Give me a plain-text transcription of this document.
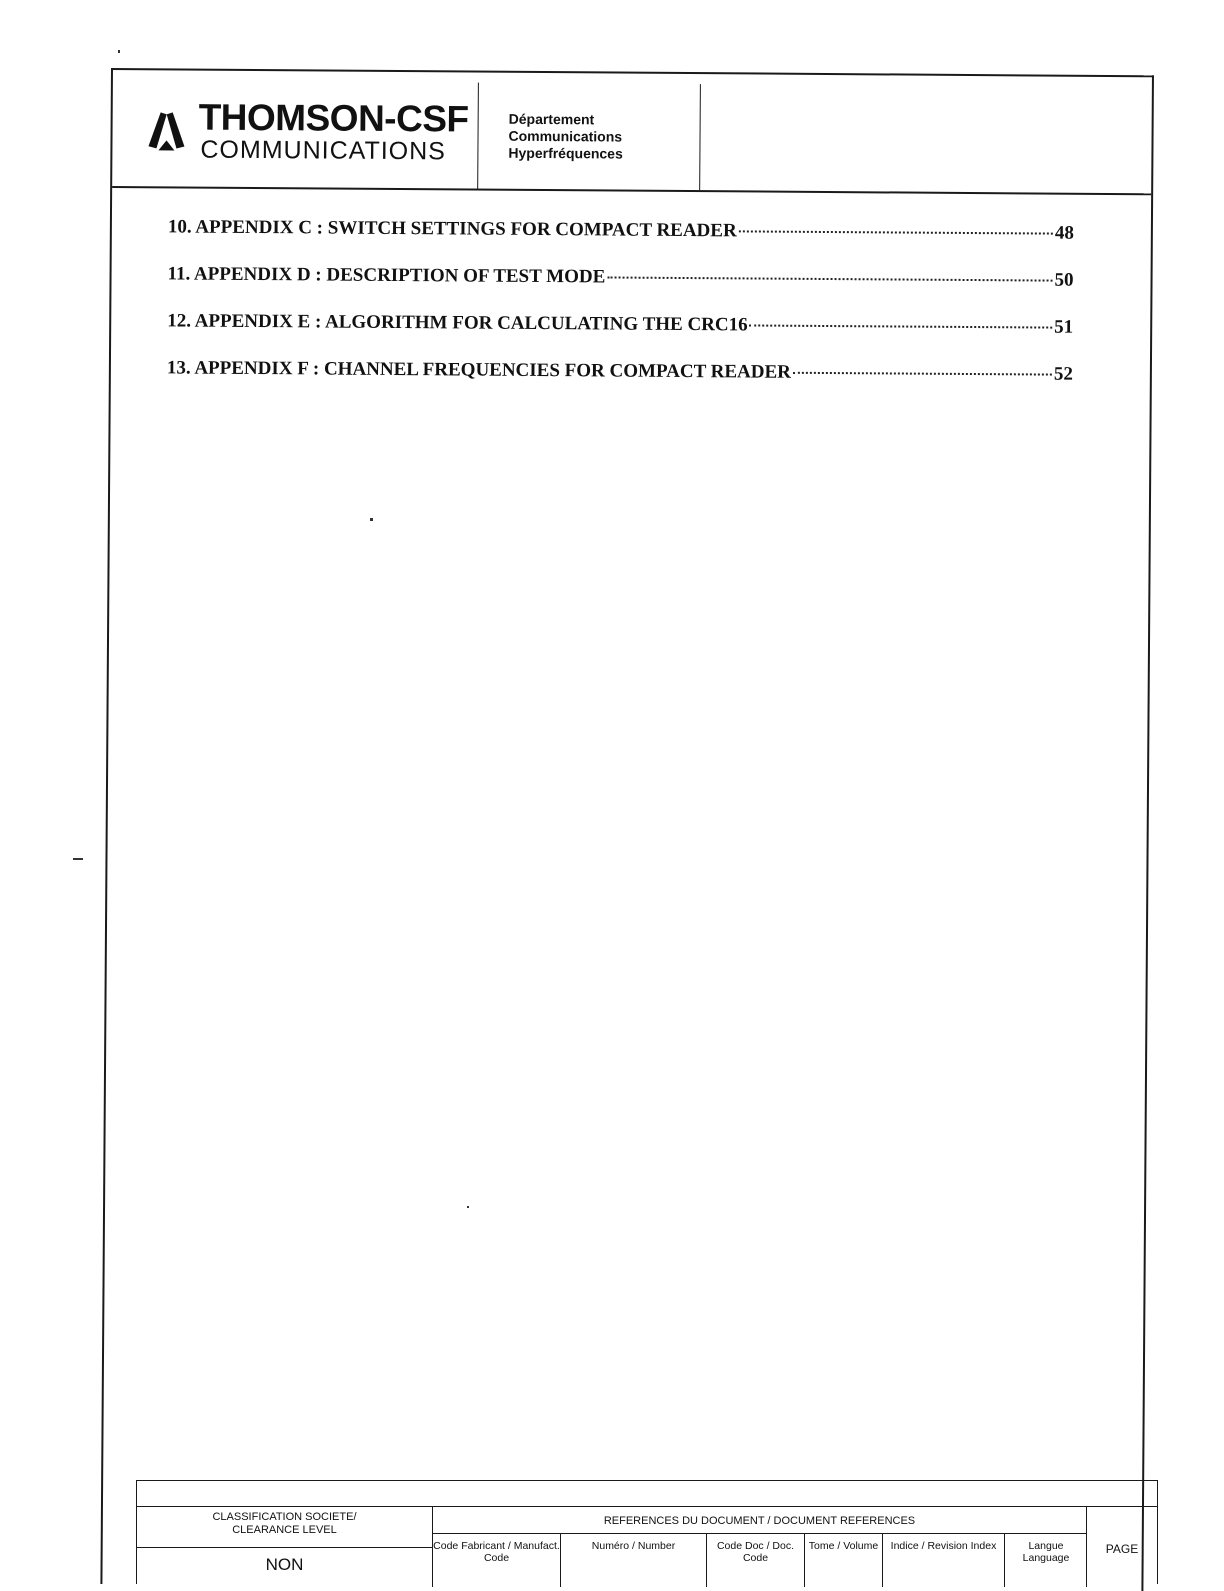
THOMSON-CSF
COMMUNICATIONS
Département
Communications
Hyperfréquences
10. APPENDIX C : SWITCH SETTINGS FOR COMPACT READER	48
11. APPENDIX D : DESCRIPTION OF TEST MODE	50
12. APPENDIX E : ALGORITHM FOR CALCULATING THE CRC16	51
13. APPENDIX F : CHANNEL FREQUENCIES FOR COMPACT READER	52
CLASSIFICATION SOCIETE/
CLEARANCE LEVEL
NON
REFERENCES DU DOCUMENT / DOCUMENT REFERENCES
Code Fabricant / Manufact. Code
Numéro / Number	Code Doc / Doc. Code
Tome / Volume	Indice / Revision Index	Langue Language
PAGE
